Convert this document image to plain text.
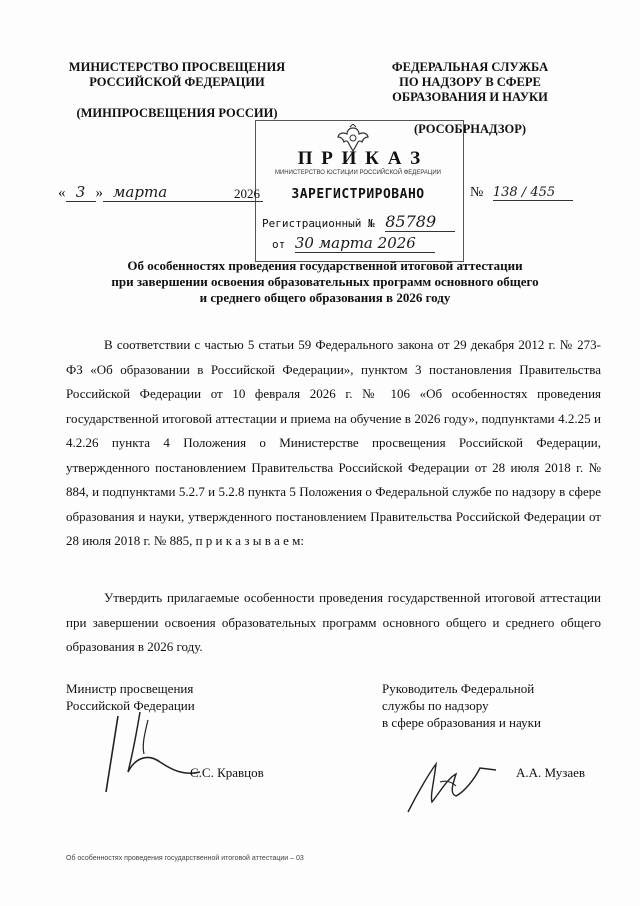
МИНИСТЕРСТВО ПРОСВЕЩЕНИЯ
РОССИЙСКОЙ ФЕДЕРАЦИИ
(МИНПРОСВЕЩЕНИЯ РОССИИ)
ФЕДЕРАЛЬНАЯ СЛУЖБА
ПО НАДЗОРУ В СФЕРЕ
ОБРАЗОВАНИЯ И НАУКИ
(РОСОБРНАДЗОР)
П Р И К А З
МИНИСТЕРСТВО ЮСТИЦИИ РОССИЙСКОЙ ФЕДЕРАЦИИ
« 3 » марта	2026	ЗАРЕГИСТРИРОВАНО	№ 138 / 455
Регистрационный № 85789
от 30 марта 2026
Об особенностях проведения государственной итоговой аттестации
при завершении освоения образовательных программ основного общего
и среднего общего образования в 2026 году

В соответствии с частью 5 статьи 59 Федерального закона от 29 декабря 2012 г. № 273-ФЗ «Об образовании в Российской Федерации», пунктом 3 постановления Правительства Российской Федерации от 10 февраля 2026 г. № 106 «Об особенностях проведения государственной итоговой аттестации и приема на обучение в 2026 году», подпунктами 4.2.25 и 4.2.26 пункта 4 Положения о Министерстве просвещения Российской Федерации, утвержденного постановлением Правительства Российской Федерации от 28 июля 2018 г. № 884, и подпунктами 5.2.7 и 5.2.8 пункта 5 Положения о Федеральной службе по надзору в сфере образования и науки, утвержденного постановлением Правительства Российской Федерации от 28 июля 2018 г. № 885, п р и к а з ы в а е м:

Утвердить прилагаемые особенности проведения государственной итоговой аттестации при завершении освоения образовательных программ основного общего и среднего общего образования в 2026 году.

Министр просвещения
Российской Федерации
С.С. Кравцов
Руководитель Федеральной
службы по надзору
в сфере образования и науки
А.А. Музаев
Об особенностях проведения государственной итоговой аттестации – 03
